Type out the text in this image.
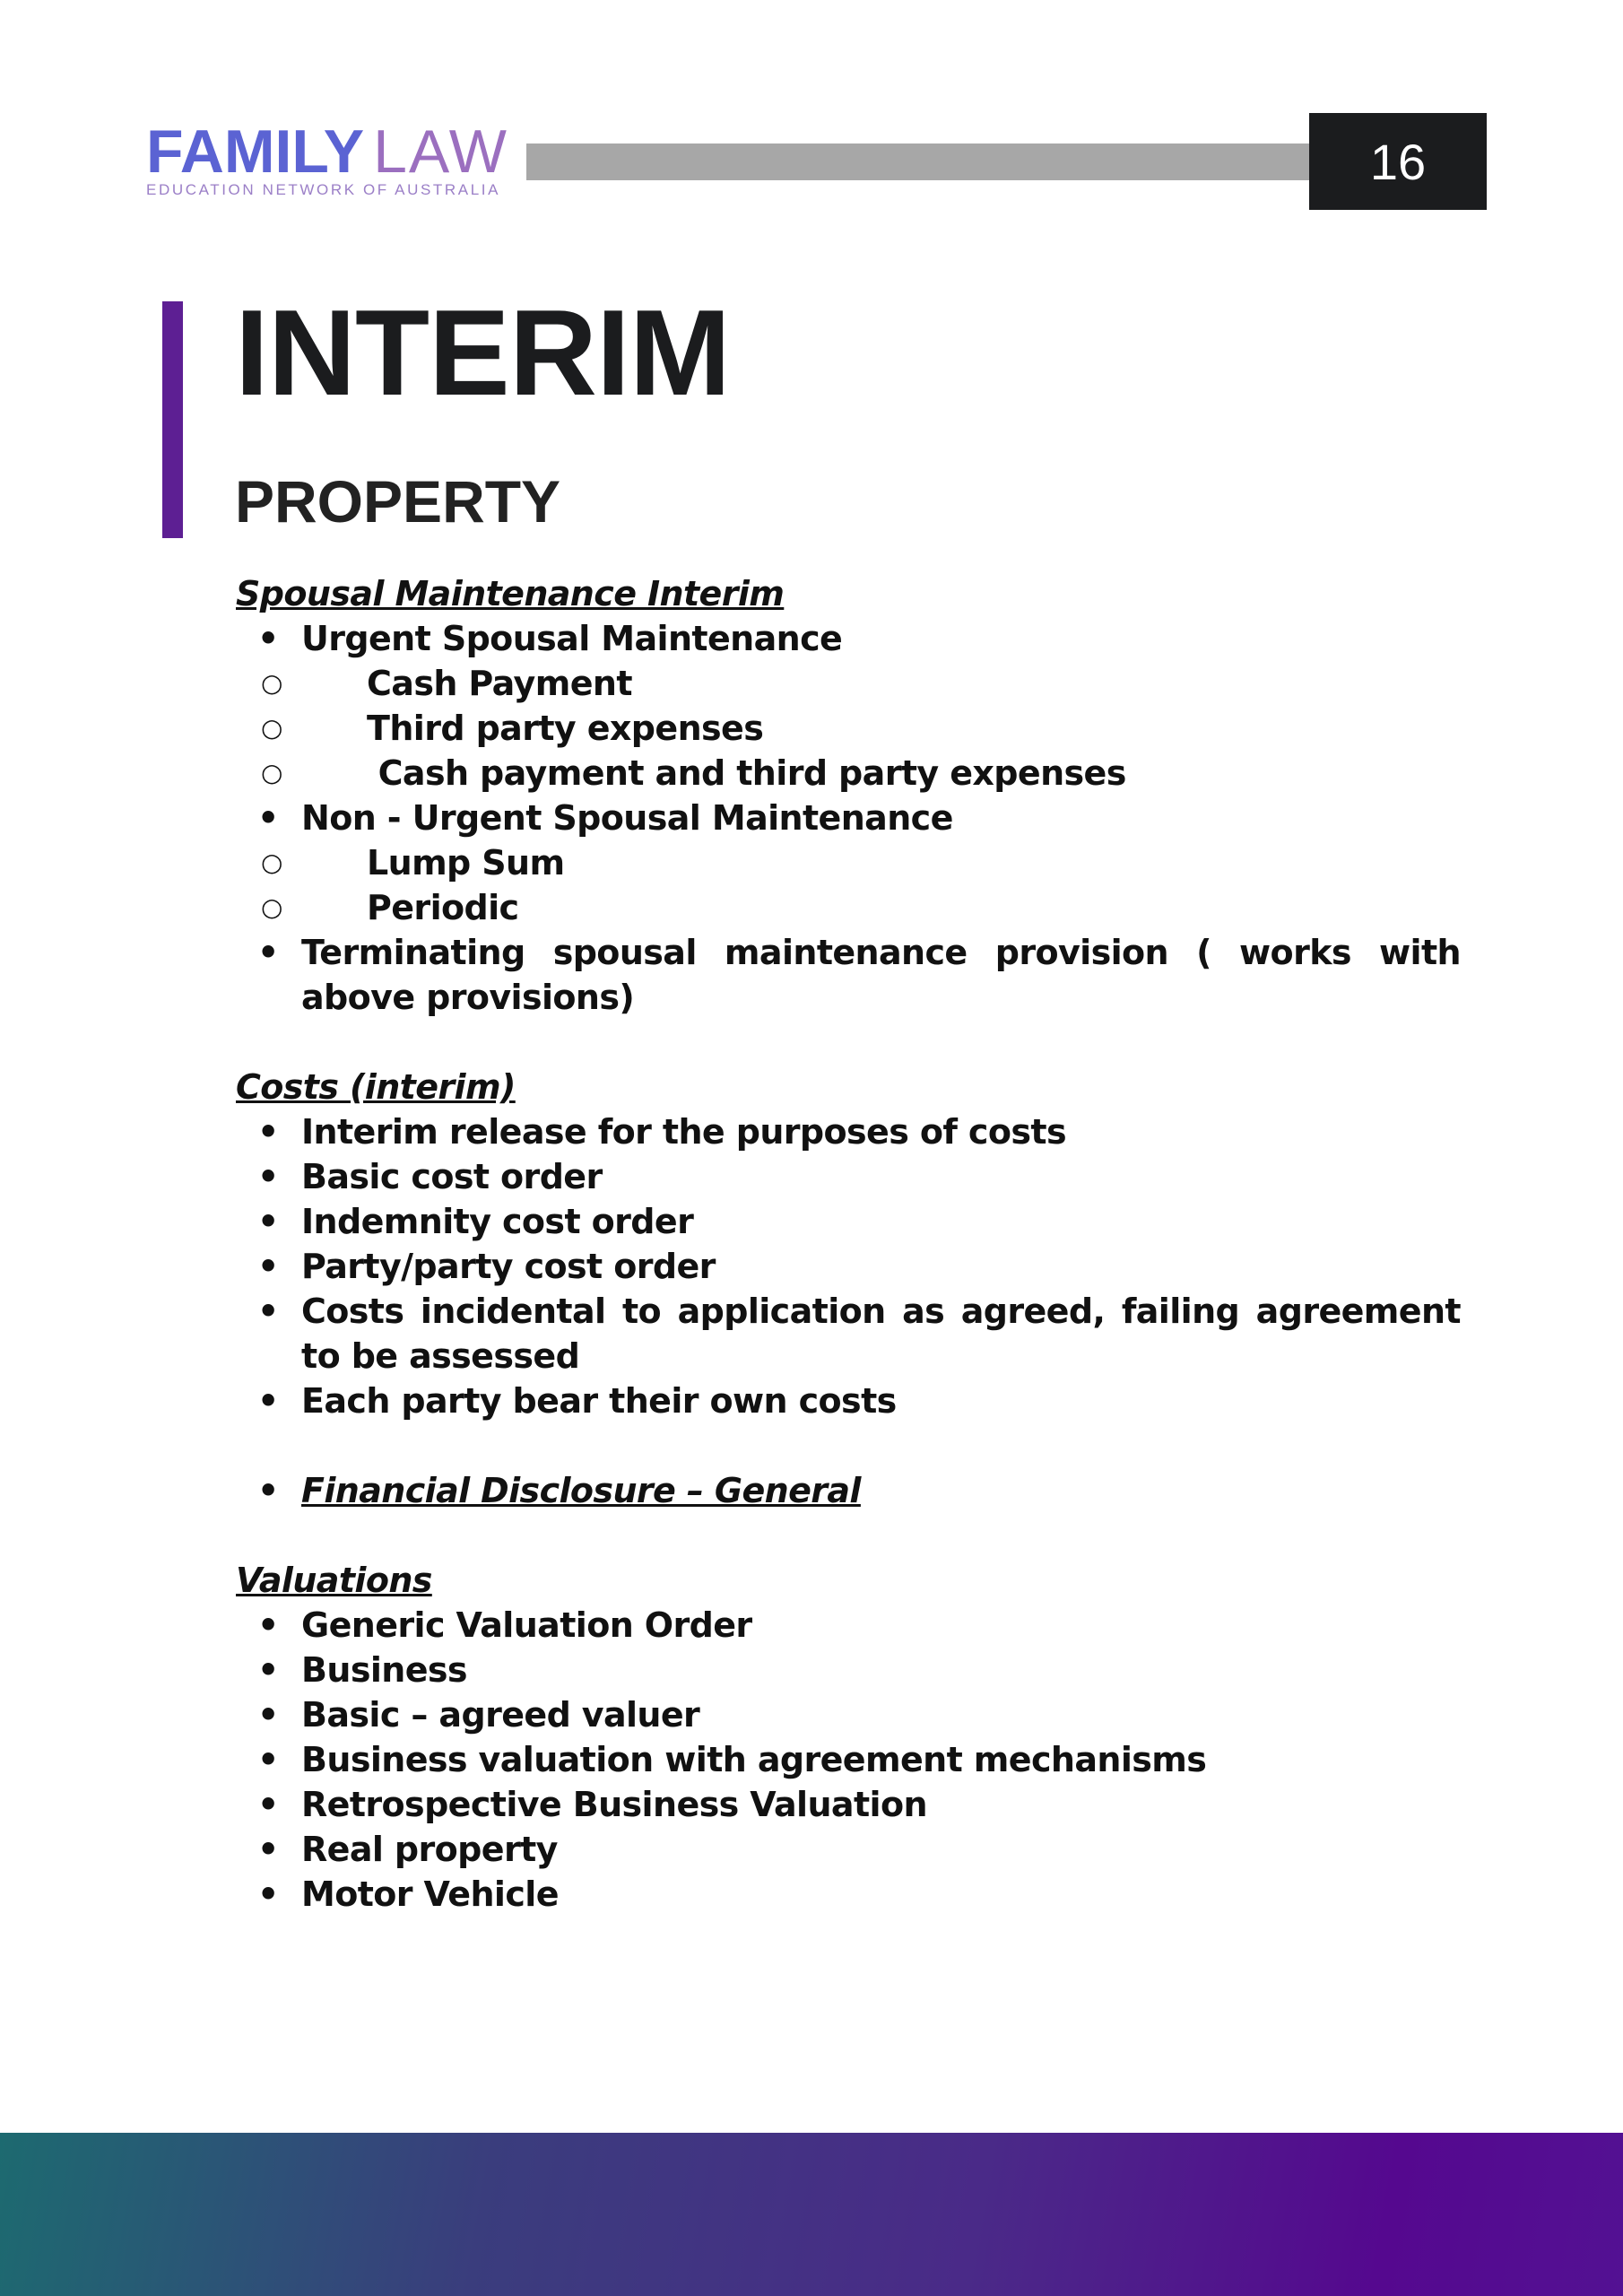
FAMILY LAW
EDUCATION NETWORK OF AUSTRALIA	16
INTERIM
PROPERTY
Spousal Maintenance Interim
• Urgent Spousal Maintenance
○ Cash Payment
○ Third party expenses
○  Cash payment and third party expenses
• Non - Urgent Spousal Maintenance
○ Lump Sum
○ Periodic
• Terminating spousal maintenance provision ( works with above provisions)
Costs (interim)
• Interim release for the purposes of costs
• Basic cost order
• Indemnity cost order
• Party/party cost order
• Costs incidental to application as agreed, failing agreement to be assessed
• Each party bear their own costs
• Financial Disclosure – General
Valuations
• Generic Valuation Order
• Business
• Basic – agreed valuer
• Business valuation with agreement mechanisms
• Retrospective Business Valuation
• Real property
• Motor Vehicle
